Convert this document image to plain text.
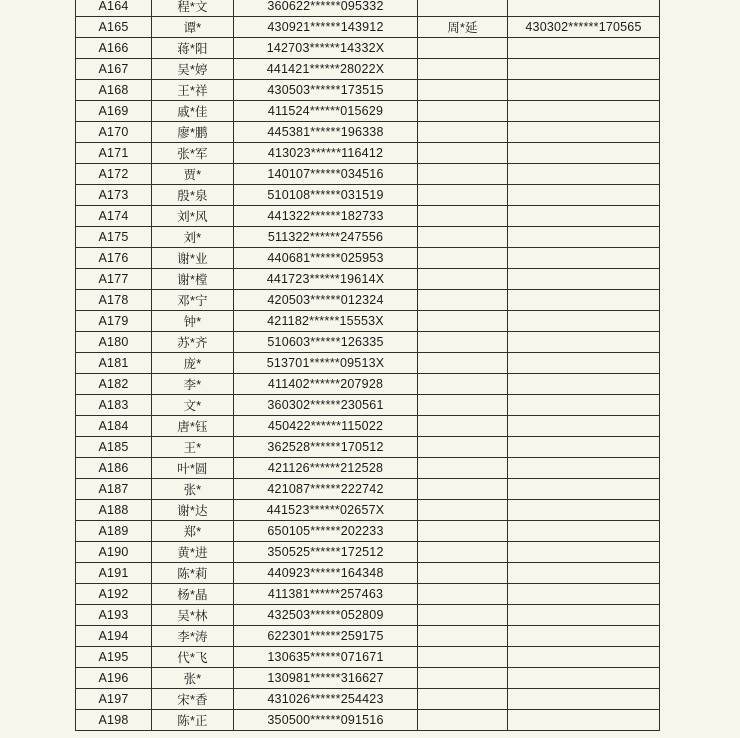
A164	程*文	360622******095332		
A165	谭*	430921******143912	周*延	430302******170565
A166	蒋*阳	142703******14332X		
A167	吴*婷	441421******28022X		
A168	王*祥	430503******173515		
A169	戚*佳	411524******015629		
A170	廖*鹏	445381******196338		
A171	张*军	413023******116412		
A172	贾*	140107******034516		
A173	殷*泉	510108******031519		
A174	刘*风	441322******182733		
A175	刘*	511322******247556		
A176	谢*业	440681******025953		
A177	谢*樘	441723******19614X		
A178	邓*宁	420503******012324		
A179	钟*	421182******15553X		
A180	苏*齐	510603******126335		
A181	庞*	513701******09513X		
A182	李*	411402******207928		
A183	文*	360302******230561		
A184	唐*钰	450422******115022		
A185	王*	362528******170512		
A186	叶*圆	421126******212528		
A187	张*	421087******222742		
A188	谢*达	441523******02657X		
A189	郑*	650105******202233		
A190	黄*进	350525******172512		
A191	陈*莉	440923******164348		
A192	杨*晶	411381******257463		
A193	吴*林	432503******052809		
A194	李*涛	622301******259175		
A195	代*飞	130635******071671		
A196	张*	130981******316627		
A197	宋*香	431026******254423		
A198	陈*正	350500******091516		
